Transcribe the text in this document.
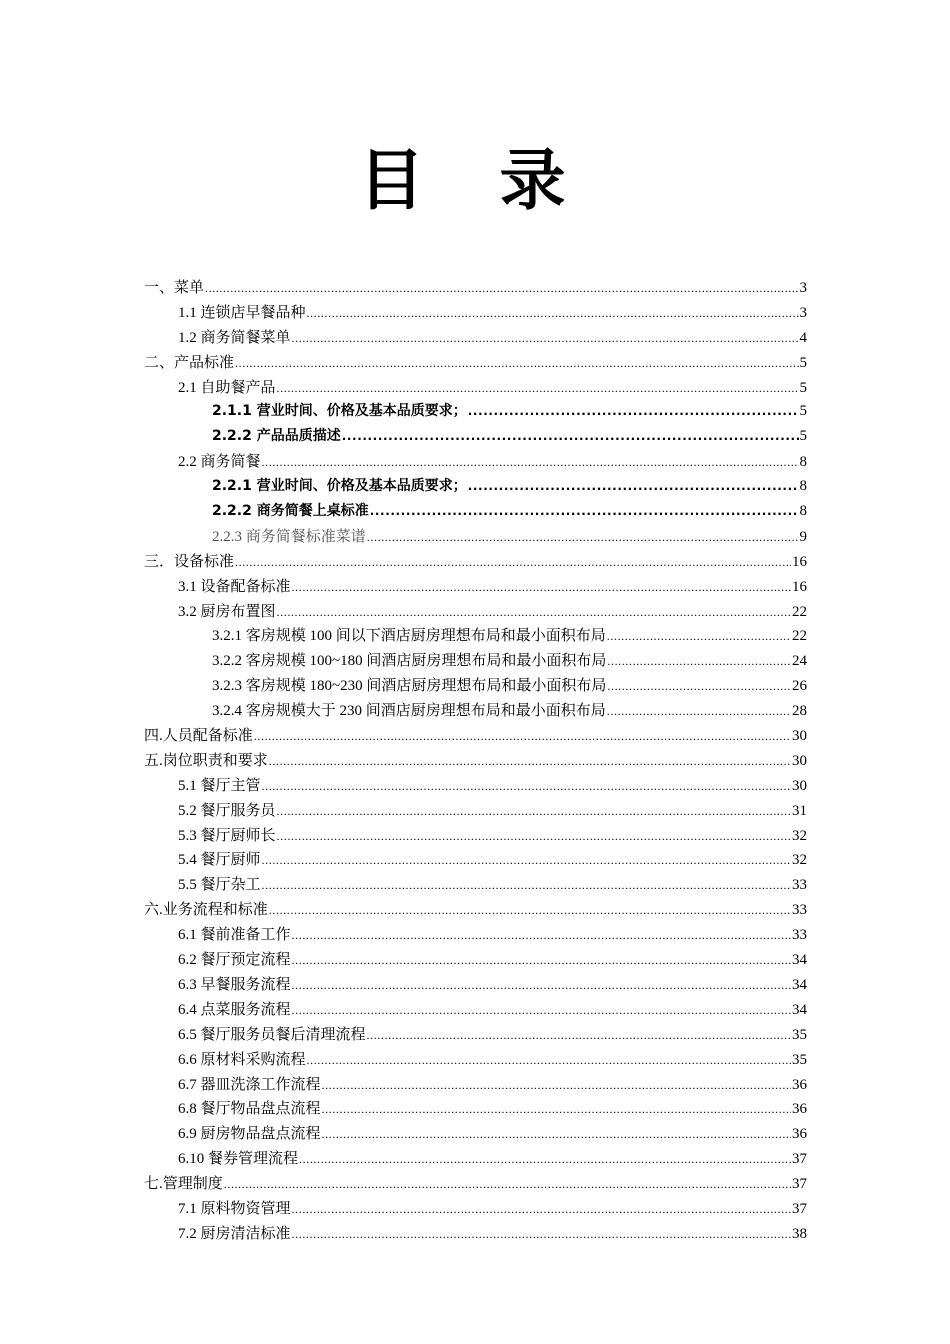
目 录
一、菜单 .....	3
1.1 连锁店早餐品种 .....	3
1.2 商务简餐菜单 .....	4
二、产品标准 .....	5
2.1 自助餐产品 .....	5
2.1.1 营业时间、价格及基本品质要求； .....	5
2.2.2 产品品质描述 .....	5
2.2 商务简餐 .....	8
2.2.1 营业时间、价格及基本品质要求； .....	8
2.2.2 商务简餐上桌标准 .....	8
2.2.3 商务简餐标准菜谱 .....	9
三．设备标准 .....	16
3.1 设备配备标准 .....	16
3.2 厨房布置图 .....	22
3.2.1 客房规模 100 间以下酒店厨房理想布局和最小面积布局 .....	22
3.2.2 客房规模 100~180 间酒店厨房理想布局和最小面积布局 .....	24
3.2.3 客房规模 180~230 间酒店厨房理想布局和最小面积布局 .....	26
3.2.4 客房规模大于 230 间酒店厨房理想布局和最小面积布局 .....	28
四.人员配备标准 .....	30
五.岗位职责和要求 .....	30
5.1 餐厅主管 .....	30
5.2 餐厅服务员 .....	31
5.3 餐厅厨师长 .....	32
5.4 餐厅厨师 .....	32
5.5 餐厅杂工 .....	33
六.业务流程和标准 .....	33
6.1 餐前准备工作 .....	33
6.2 餐厅预定流程 .....	34
6.3 早餐服务流程 .....	34
6.4 点菜服务流程 .....	34
6.5 餐厅服务员餐后清理流程 .....	35
6.6 原材料采购流程 .....	35
6.7 器皿洗涤工作流程 .....	36
6.8 餐厅物品盘点流程 .....	36
6.9 厨房物品盘点流程 .....	36
6.10 餐券管理流程 .....	37
七.管理制度 .....	37
7.1 原料物资管理 .....	37
7.2 厨房清洁标准 .....	38
